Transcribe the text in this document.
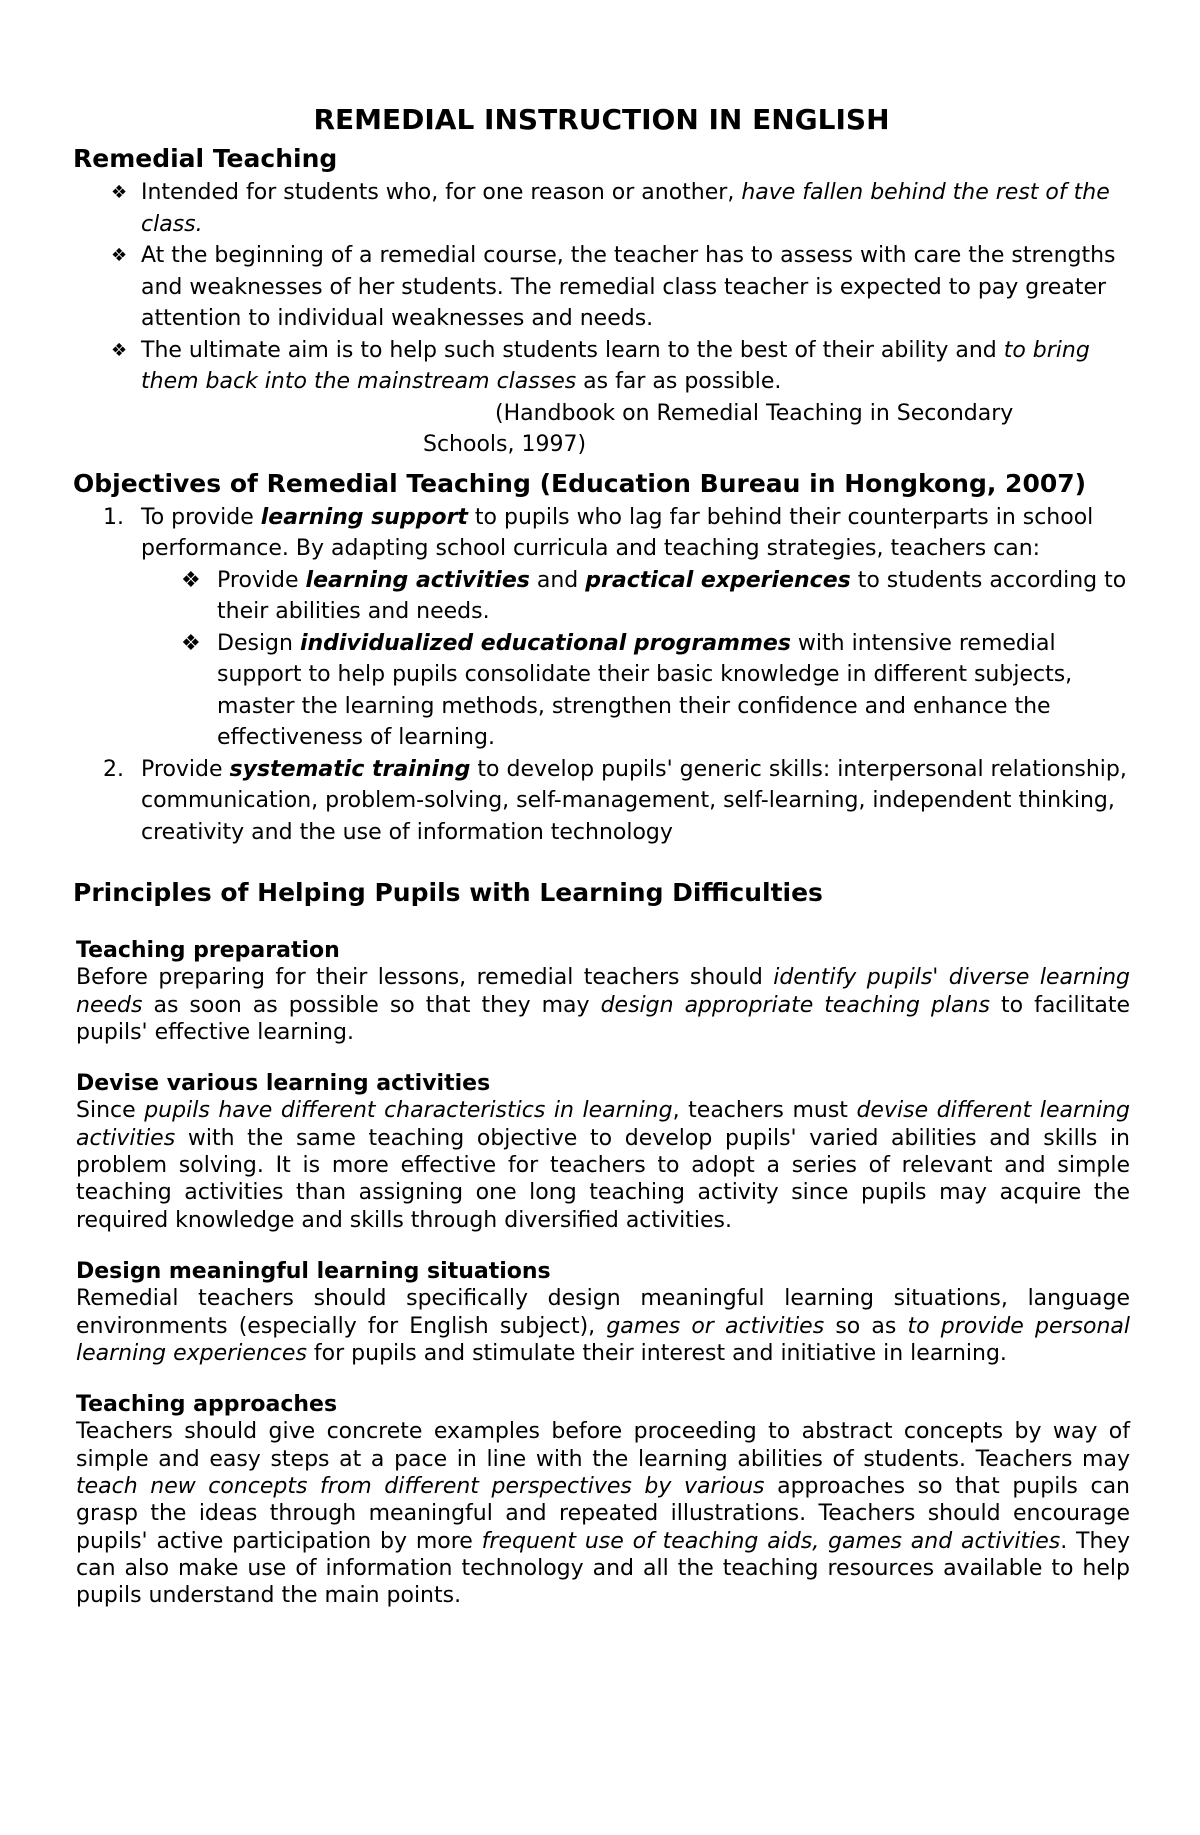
REMEDIAL INSTRUCTION IN ENGLISH
Remedial Teaching
❖ Intended for students who, for one reason or another, have fallen behind the rest of the class.
❖ At the beginning of a remedial course, the teacher has to assess with care the strengths and weaknesses of her students. The remedial class teacher is expected to pay greater attention to individual weaknesses and needs.
❖ The ultimate aim is to help such students learn to the best of their ability and to bring them back into the mainstream classes as far as possible.
(Handbook on Remedial Teaching in Secondary
Schools, 1997)
Objectives of Remedial Teaching (Education Bureau in Hongkong, 2007)
1. To provide learning support to pupils who lag far behind their counterparts in school performance. By adapting school curricula and teaching strategies, teachers can:
❖ Provide learning activities and practical experiences to students according to their abilities and needs.
❖ Design individualized educational programmes with intensive remedial support to help pupils consolidate their basic knowledge in different subjects, master the learning methods, strengthen their confidence and enhance the effectiveness of learning.
2. Provide systematic training to develop pupils' generic skills: interpersonal relationship, communication, problem-solving, self-management, self-learning, independent thinking, creativity and the use of information technology
Principles of Helping Pupils with Learning Difficulties
Teaching preparation
Before preparing for their lessons, remedial teachers should identify pupils' diverse learning needs as soon as possible so that they may design appropriate teaching plans to facilitate pupils' effective learning.
Devise various learning activities
Since pupils have different characteristics in learning, teachers must devise different learning activities with the same teaching objective to develop pupils' varied abilities and skills in problem solving. It is more effective for teachers to adopt a series of relevant and simple teaching activities than assigning one long teaching activity since pupils may acquire the required knowledge and skills through diversified activities.
Design meaningful learning situations
Remedial teachers should specifically design meaningful learning situations, language environments (especially for English subject), games or activities so as to provide personal learning experiences for pupils and stimulate their interest and initiative in learning.
Teaching approaches
Teachers should give concrete examples before proceeding to abstract concepts by way of simple and easy steps at a pace in line with the learning abilities of students. Teachers may teach new concepts from different perspectives by various approaches so that pupils can grasp the ideas through meaningful and repeated illustrations. Teachers should encourage pupils' active participation by more frequent use of teaching aids, games and activities. They can also make use of information technology and all the teaching resources available to help pupils understand the main points.
